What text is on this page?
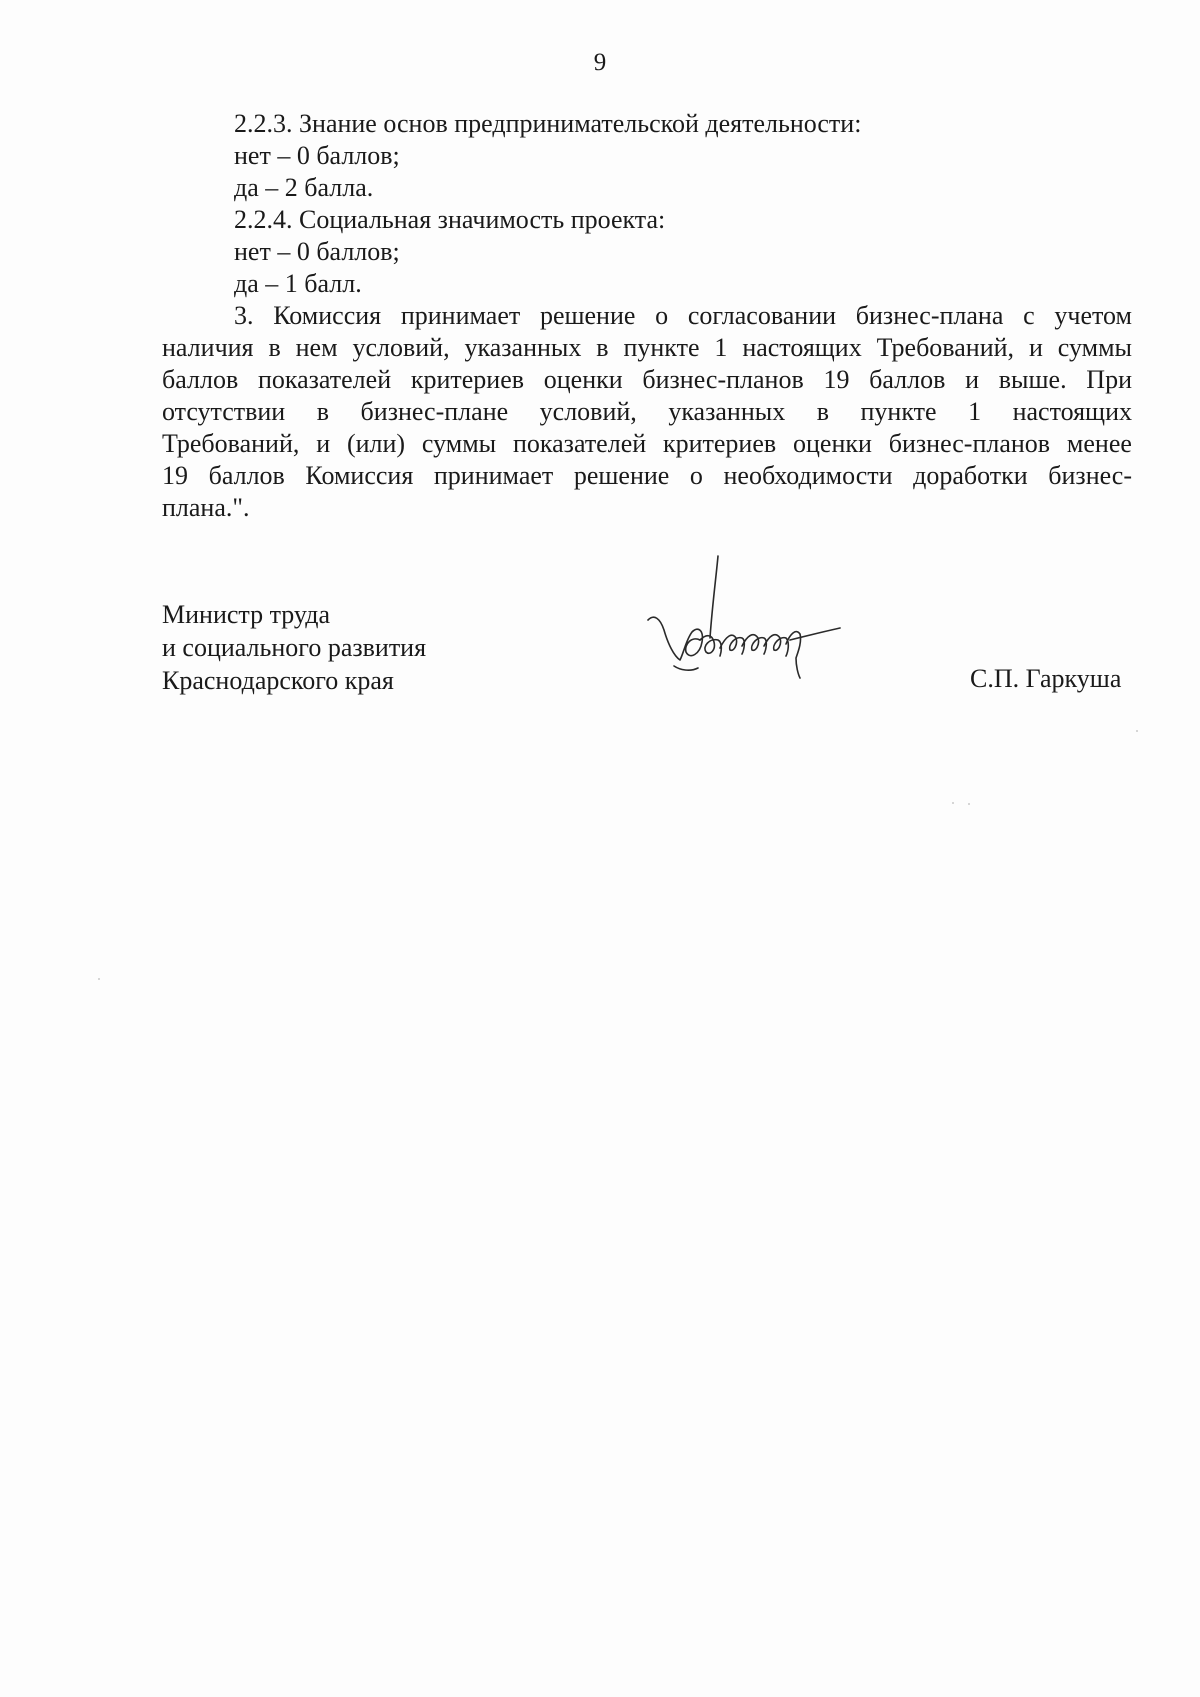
9
2.2.3. Знание основ предпринимательской деятельности:
нет – 0 баллов;
да – 2 балла.
2.2.4. Социальная значимость проекта:
нет – 0 баллов;
да – 1 балл.
3. Комиссия принимает решение о согласовании бизнес-плана с учетом
наличия в нем условий, указанных в пункте 1 настоящих Требований, и суммы
баллов показателей критериев оценки бизнес-планов 19 баллов и выше. При
отсутствии в бизнес-плане условий, указанных в пункте 1 настоящих
Требований, и (или) суммы показателей критериев оценки бизнес-планов менее
19 баллов Комиссия принимает решение о необходимости доработки бизнес-
плана.".
Министр труда
и социального развития
Краснодарского края	С.П. Гаркуша
